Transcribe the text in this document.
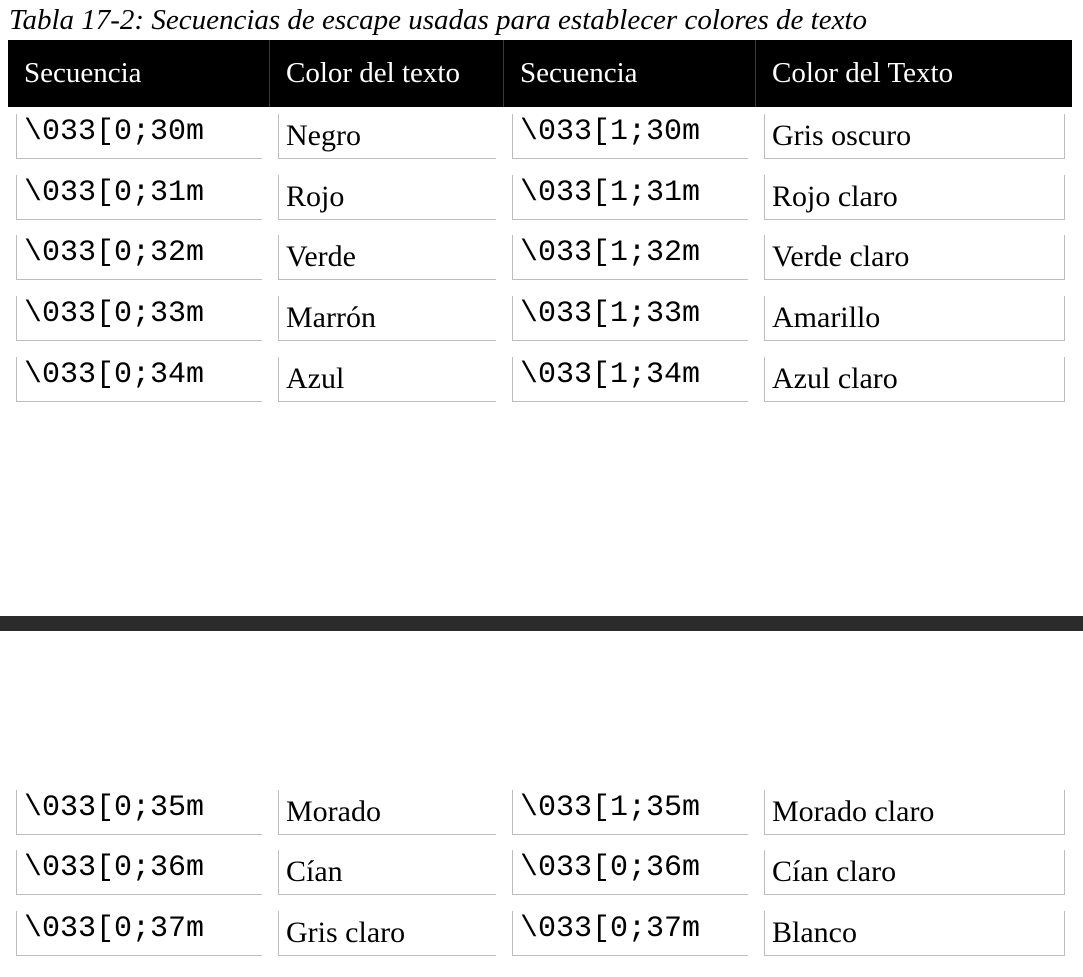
Tabla 17-2: Secuencias de escape usadas para establecer colores de texto
Secuencia	Color del texto	Secuencia	Color del Texto
\033[0;30m	Negro	\033[1;30m	Gris oscuro
\033[0;31m	Rojo	\033[1;31m	Rojo claro
\033[0;32m	Verde	\033[1;32m	Verde claro
\033[0;33m	Marrón	\033[1;33m	Amarillo
\033[0;34m	Azul	\033[1;34m	Azul claro
\033[0;35m	Morado	\033[1;35m	Morado claro
\033[0;36m	Cían	\033[0;36m	Cían claro
\033[0;37m	Gris claro	\033[0;37m	Blanco
